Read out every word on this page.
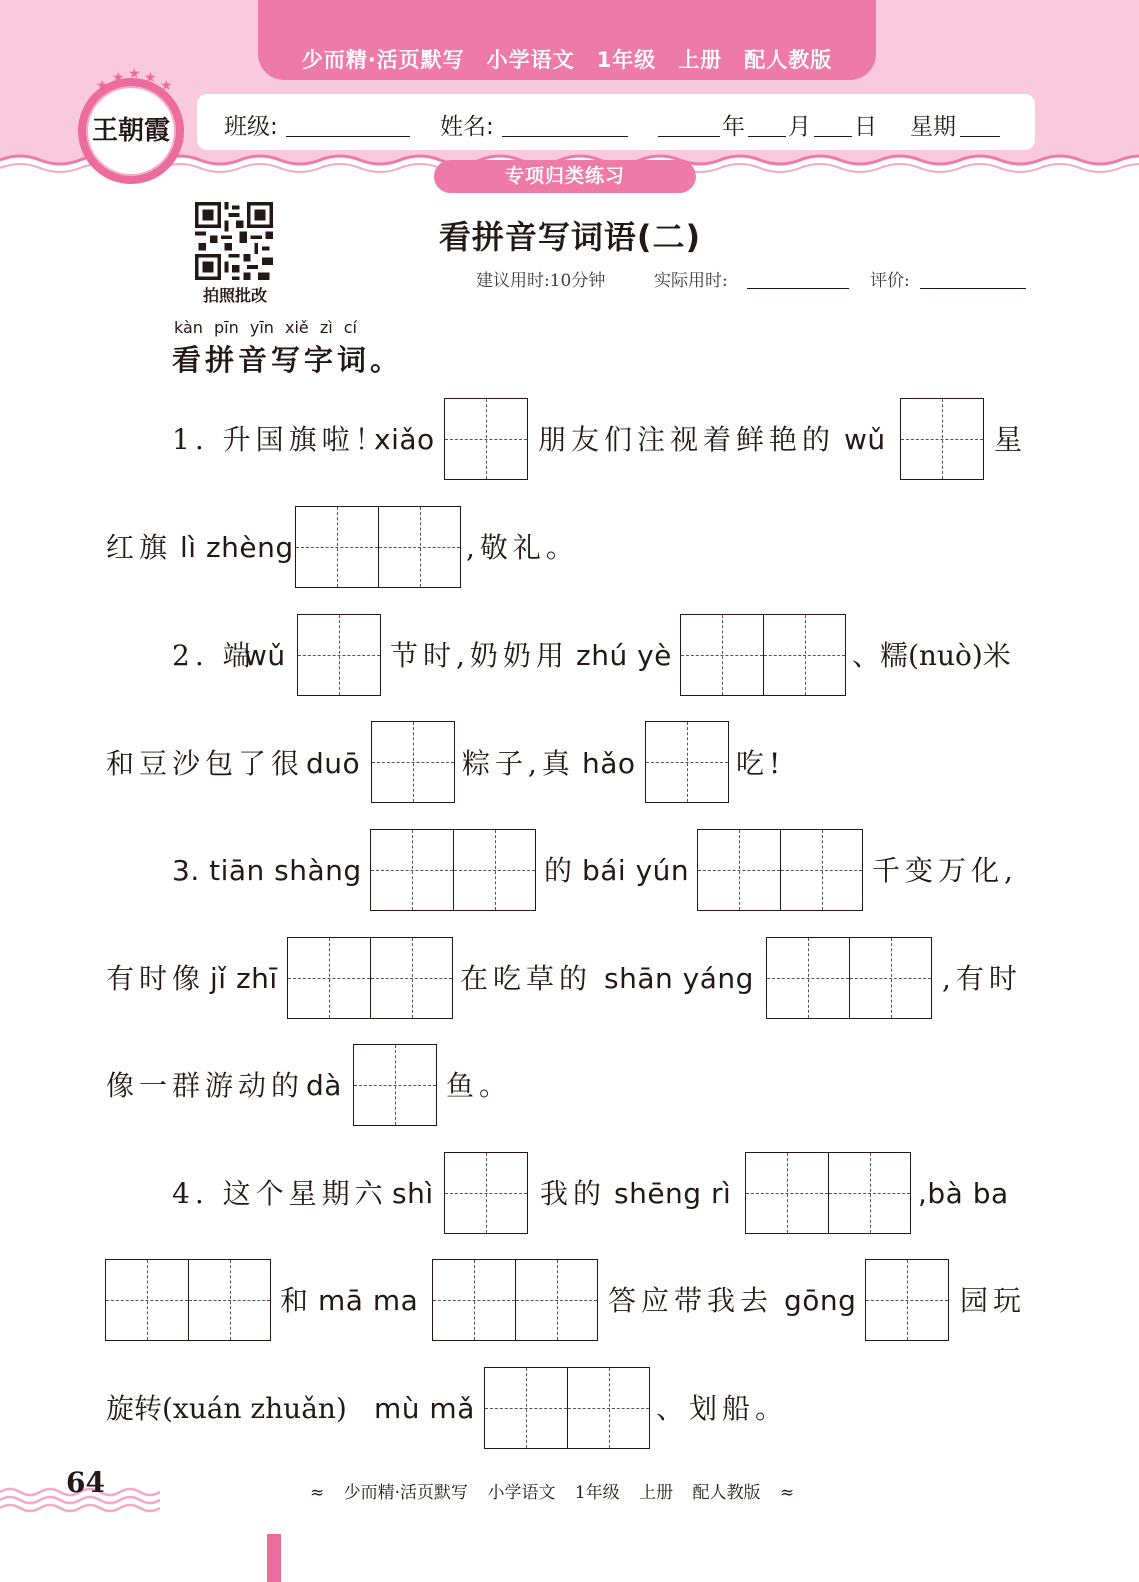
少而精·活页默写　小学语文　1年级　上册　配人教版
班级:	姓名:	年 月 日 星期
王朝霞
★ ★ ★ ★ ★
专项归类练习
拍照批改
看拼音写词语(二)
建议用时:10分钟	实际用时:	评价:
kàn pīn yīn xiě zì cí
看拼音写字词。
1. 升国旗啦！
xiǎo	朋友们注视着鲜艳的 wǔ	星
红旗 lì zhèng	,敬礼。
2. 端
wǔ	节时,奶奶用 zhú yè	、糯(nuò)米
和豆沙包了很 duō	粽子,真 hǎo	吃!
3. tiān shàng	的 bái yún	千变万化,
有时像 jǐ zhī	在吃草的 shān yáng	,有时
像一群游动的 dà	鱼。
4. 这个星期六 shì	我的 shēng rì	,bà ba
和 mā ma	答应带我去 gōng	园玩
旋转(xuán zhuǎn) mù mǎ	、划船。
64	≈ 少而精·活页默写 小学语文 1年级 上册 配人教版 ≈
